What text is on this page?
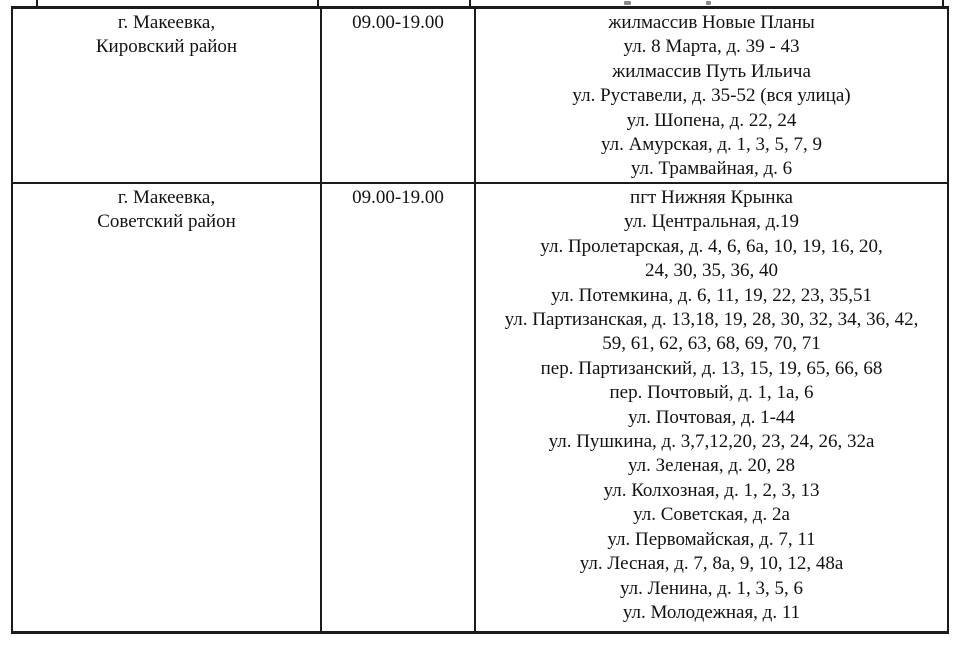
г. Макеевка,
Кировский район
09.00-19.00	жилмассив Новые Планы
ул. 8 Марта, д. 39 - 43
жилмассив Путь Ильича
ул. Руставели, д. 35-52 (вся улица)
ул. Шопена, д. 22, 24
ул. Амурская, д. 1, 3, 5, 7, 9
ул. Трамвайная, д. 6
г. Макеевка,
Советский район
09.00-19.00	пгт Нижняя Крынка
ул. Центральная, д.19
ул. Пролетарская, д. 4, 6, 6а, 10, 19, 16, 20,
24, 30, 35, 36, 40
ул. Потемкина, д. 6, 11, 19, 22, 23, 35,51
ул. Партизанская, д. 13,18, 19, 28, 30, 32, 34, 36, 42,
59, 61, 62, 63, 68, 69, 70, 71
пер. Партизанский, д. 13, 15, 19, 65, 66, 68
пер. Почтовый, д. 1, 1а, 6
ул. Почтовая, д. 1-44
ул. Пушкина, д. 3,7,12,20, 23, 24, 26, 32а
ул. Зеленая, д. 20, 28
ул. Колхозная, д. 1, 2, 3, 13
ул. Советская, д. 2а
ул. Первомайская, д. 7, 11
ул. Лесная, д. 7, 8а, 9, 10, 12, 48а
ул. Ленина, д. 1, 3, 5, 6
ул. Молодежная, д. 11
